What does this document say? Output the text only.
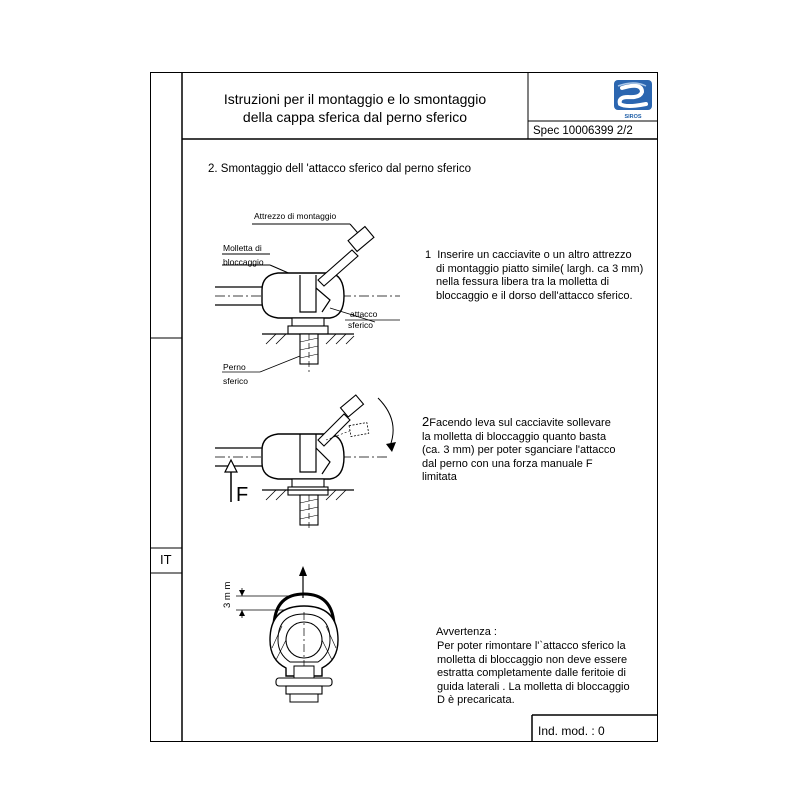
Istruzioni per il montaggio e lo smontaggio
della cappa sferica dal perno sferico	SIROS
Spec 10006399 2/2
IT
2. Smontaggio dell 'attacco sferico dal perno sferico
Attrezzo di montaggio
Molletta di
bloccaggio
attacco
sferico
Perno
sferico
1 Inserire un cacciavite o un altro attrezzo
di montaggio piatto simile( largh. ca 3 mm)
nella fessura libera tra la molletta di
bloccaggio e il dorso dell'attacco sferico.
F
2Facendo leva sul cacciavite sollevare
la molletta di bloccaggio quanto basta
(ca. 3 mm) per poter sganciare l'attacco
dal perno con una forza manuale F
limitata
3 m m
Avvertenza :
Per poter rimontare l'`attacco sferico la
molletta di bloccaggio non deve essere
estratta completamente dalle feritoie di
guida laterali . La molletta di bloccaggio
D è precaricata.
Ind. mod. : 0
